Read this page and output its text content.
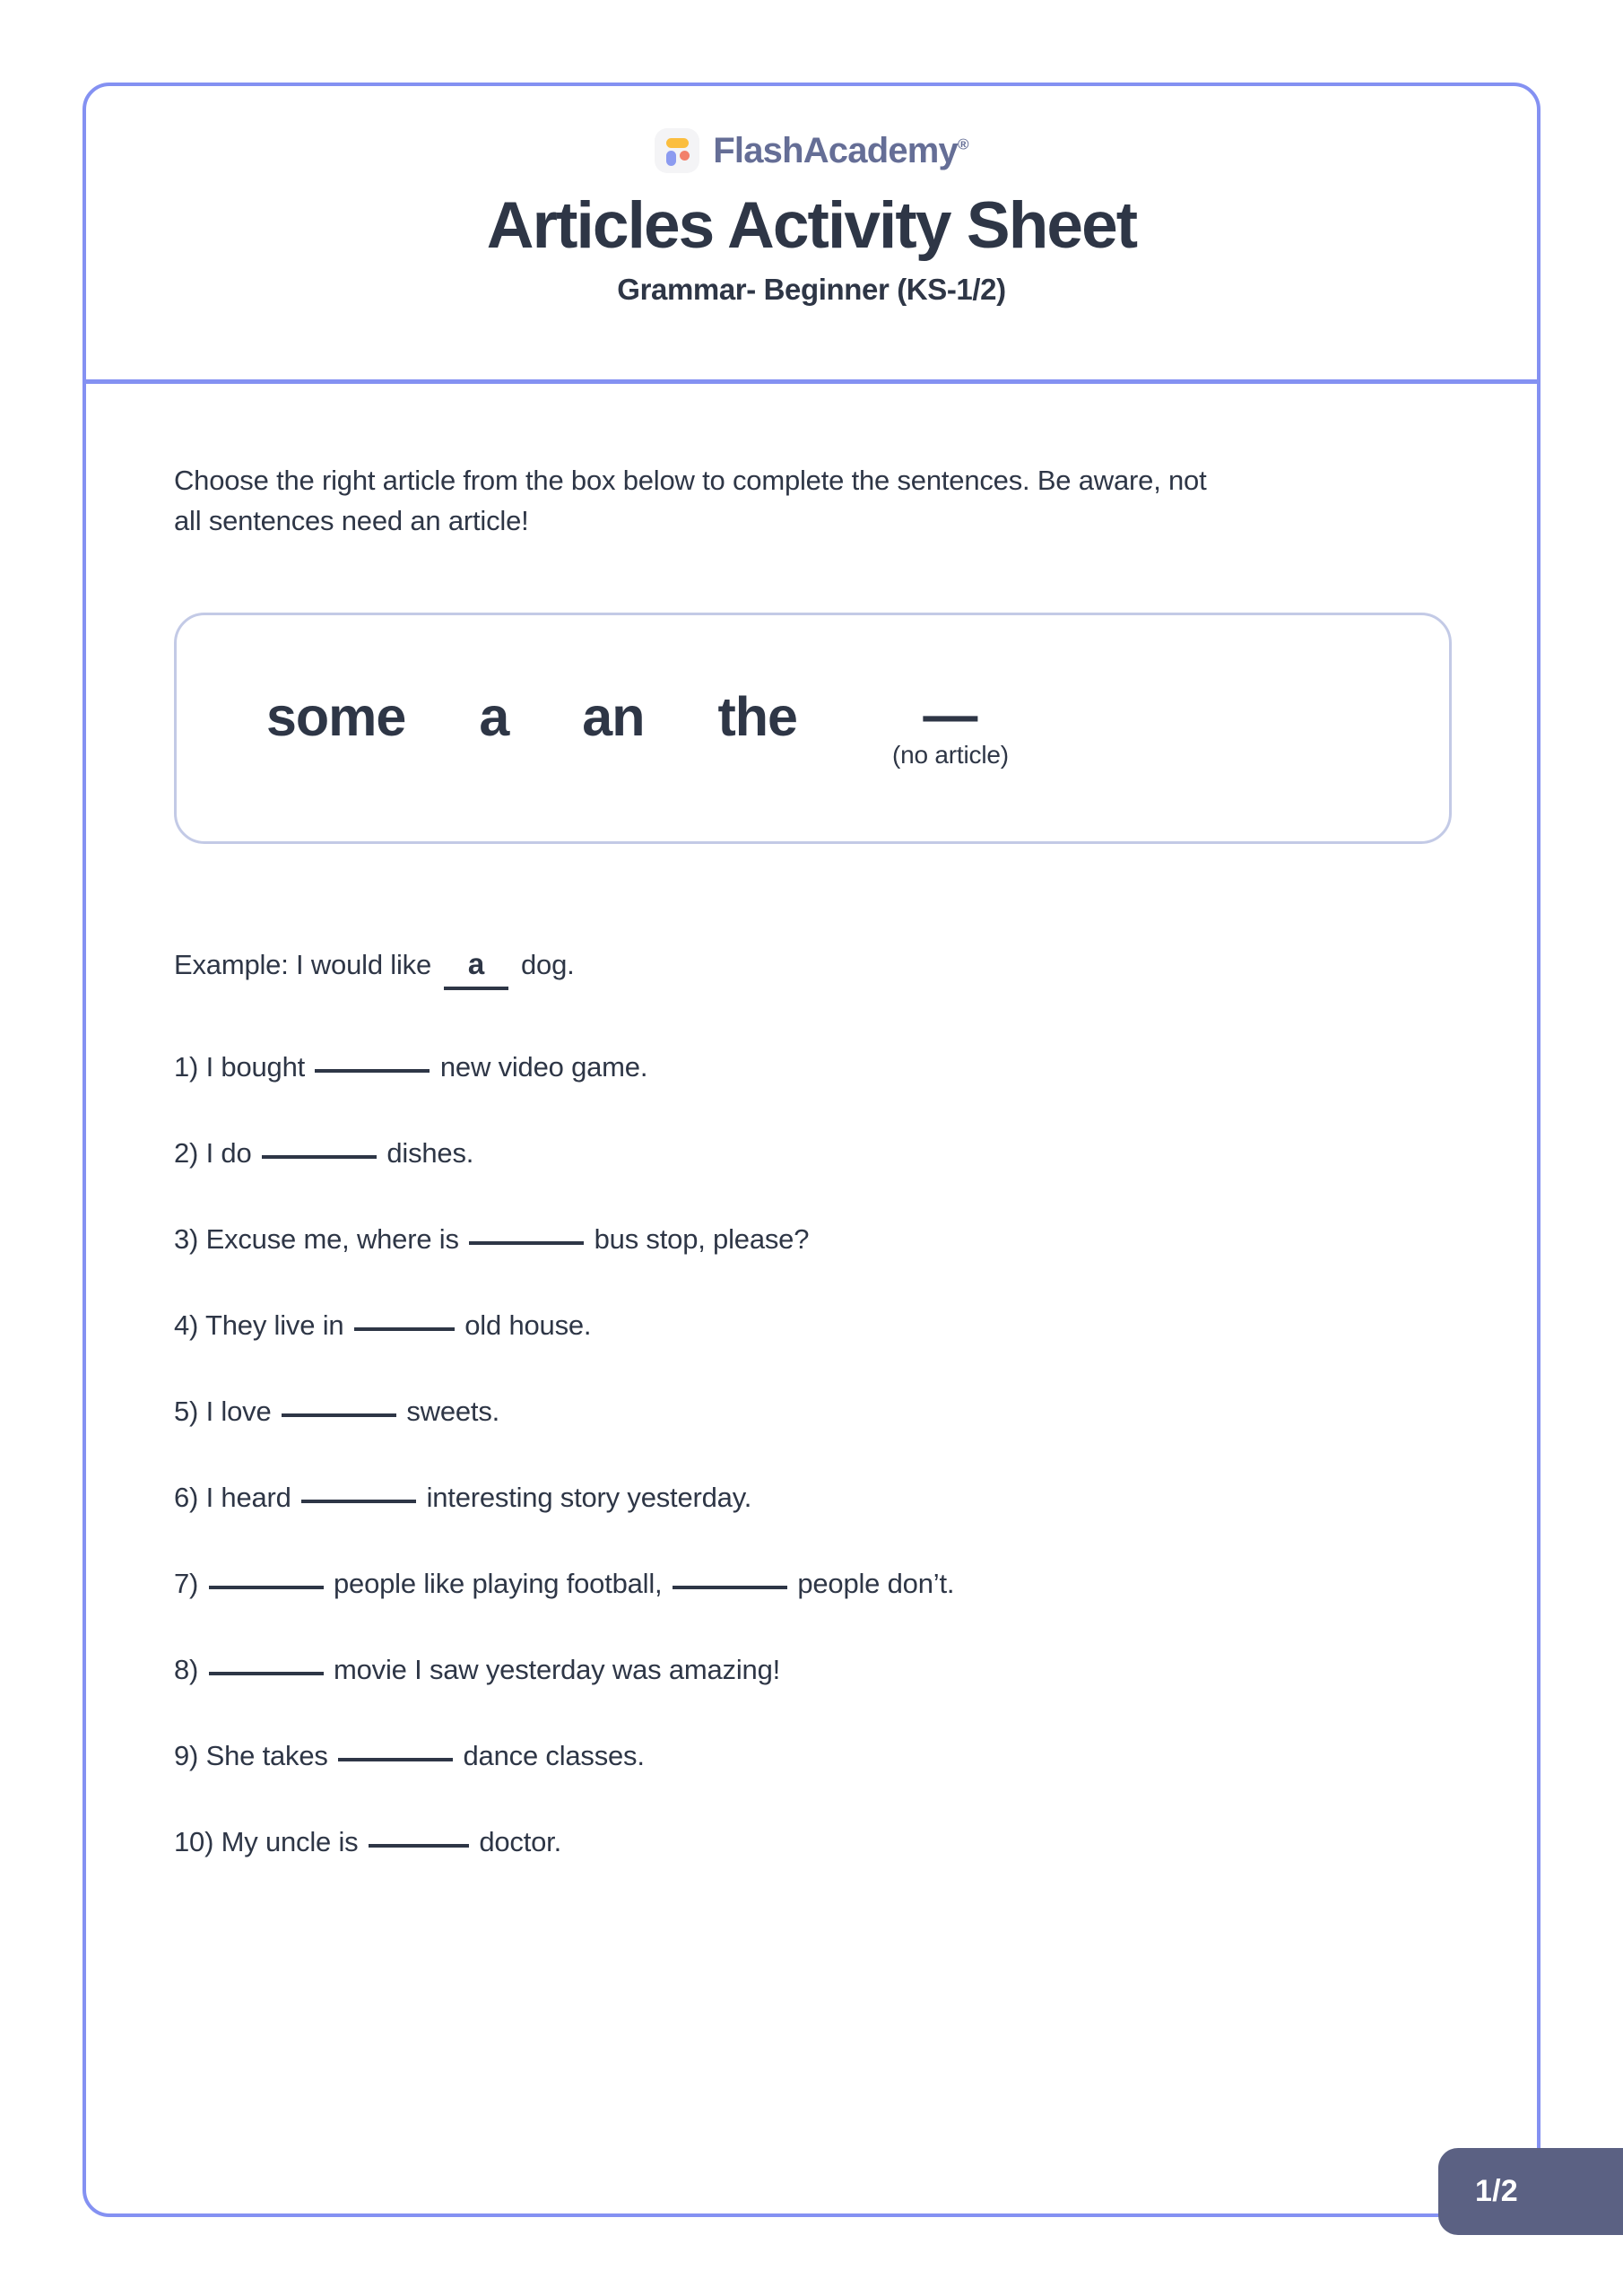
FlashAcademy®
Articles Activity Sheet
Grammar- Beginner (KS-1/2)
Choose the right article from the box below to complete the sentences. Be aware, not all sentences need an article!
some a an the —
(no article)
Example: I would like	a	dog.
1) I bought	new video game.
2) I do	dishes.
3) Excuse me, where is	bus stop, please?
4) They live in	old house.
5) I love	sweets.
6) I heard	interesting story yesterday.
7)	people like playing football,	people don’t.
8)	movie I saw yesterday was amazing!
9) She takes	dance classes.
10) My uncle is	doctor.
1/2
